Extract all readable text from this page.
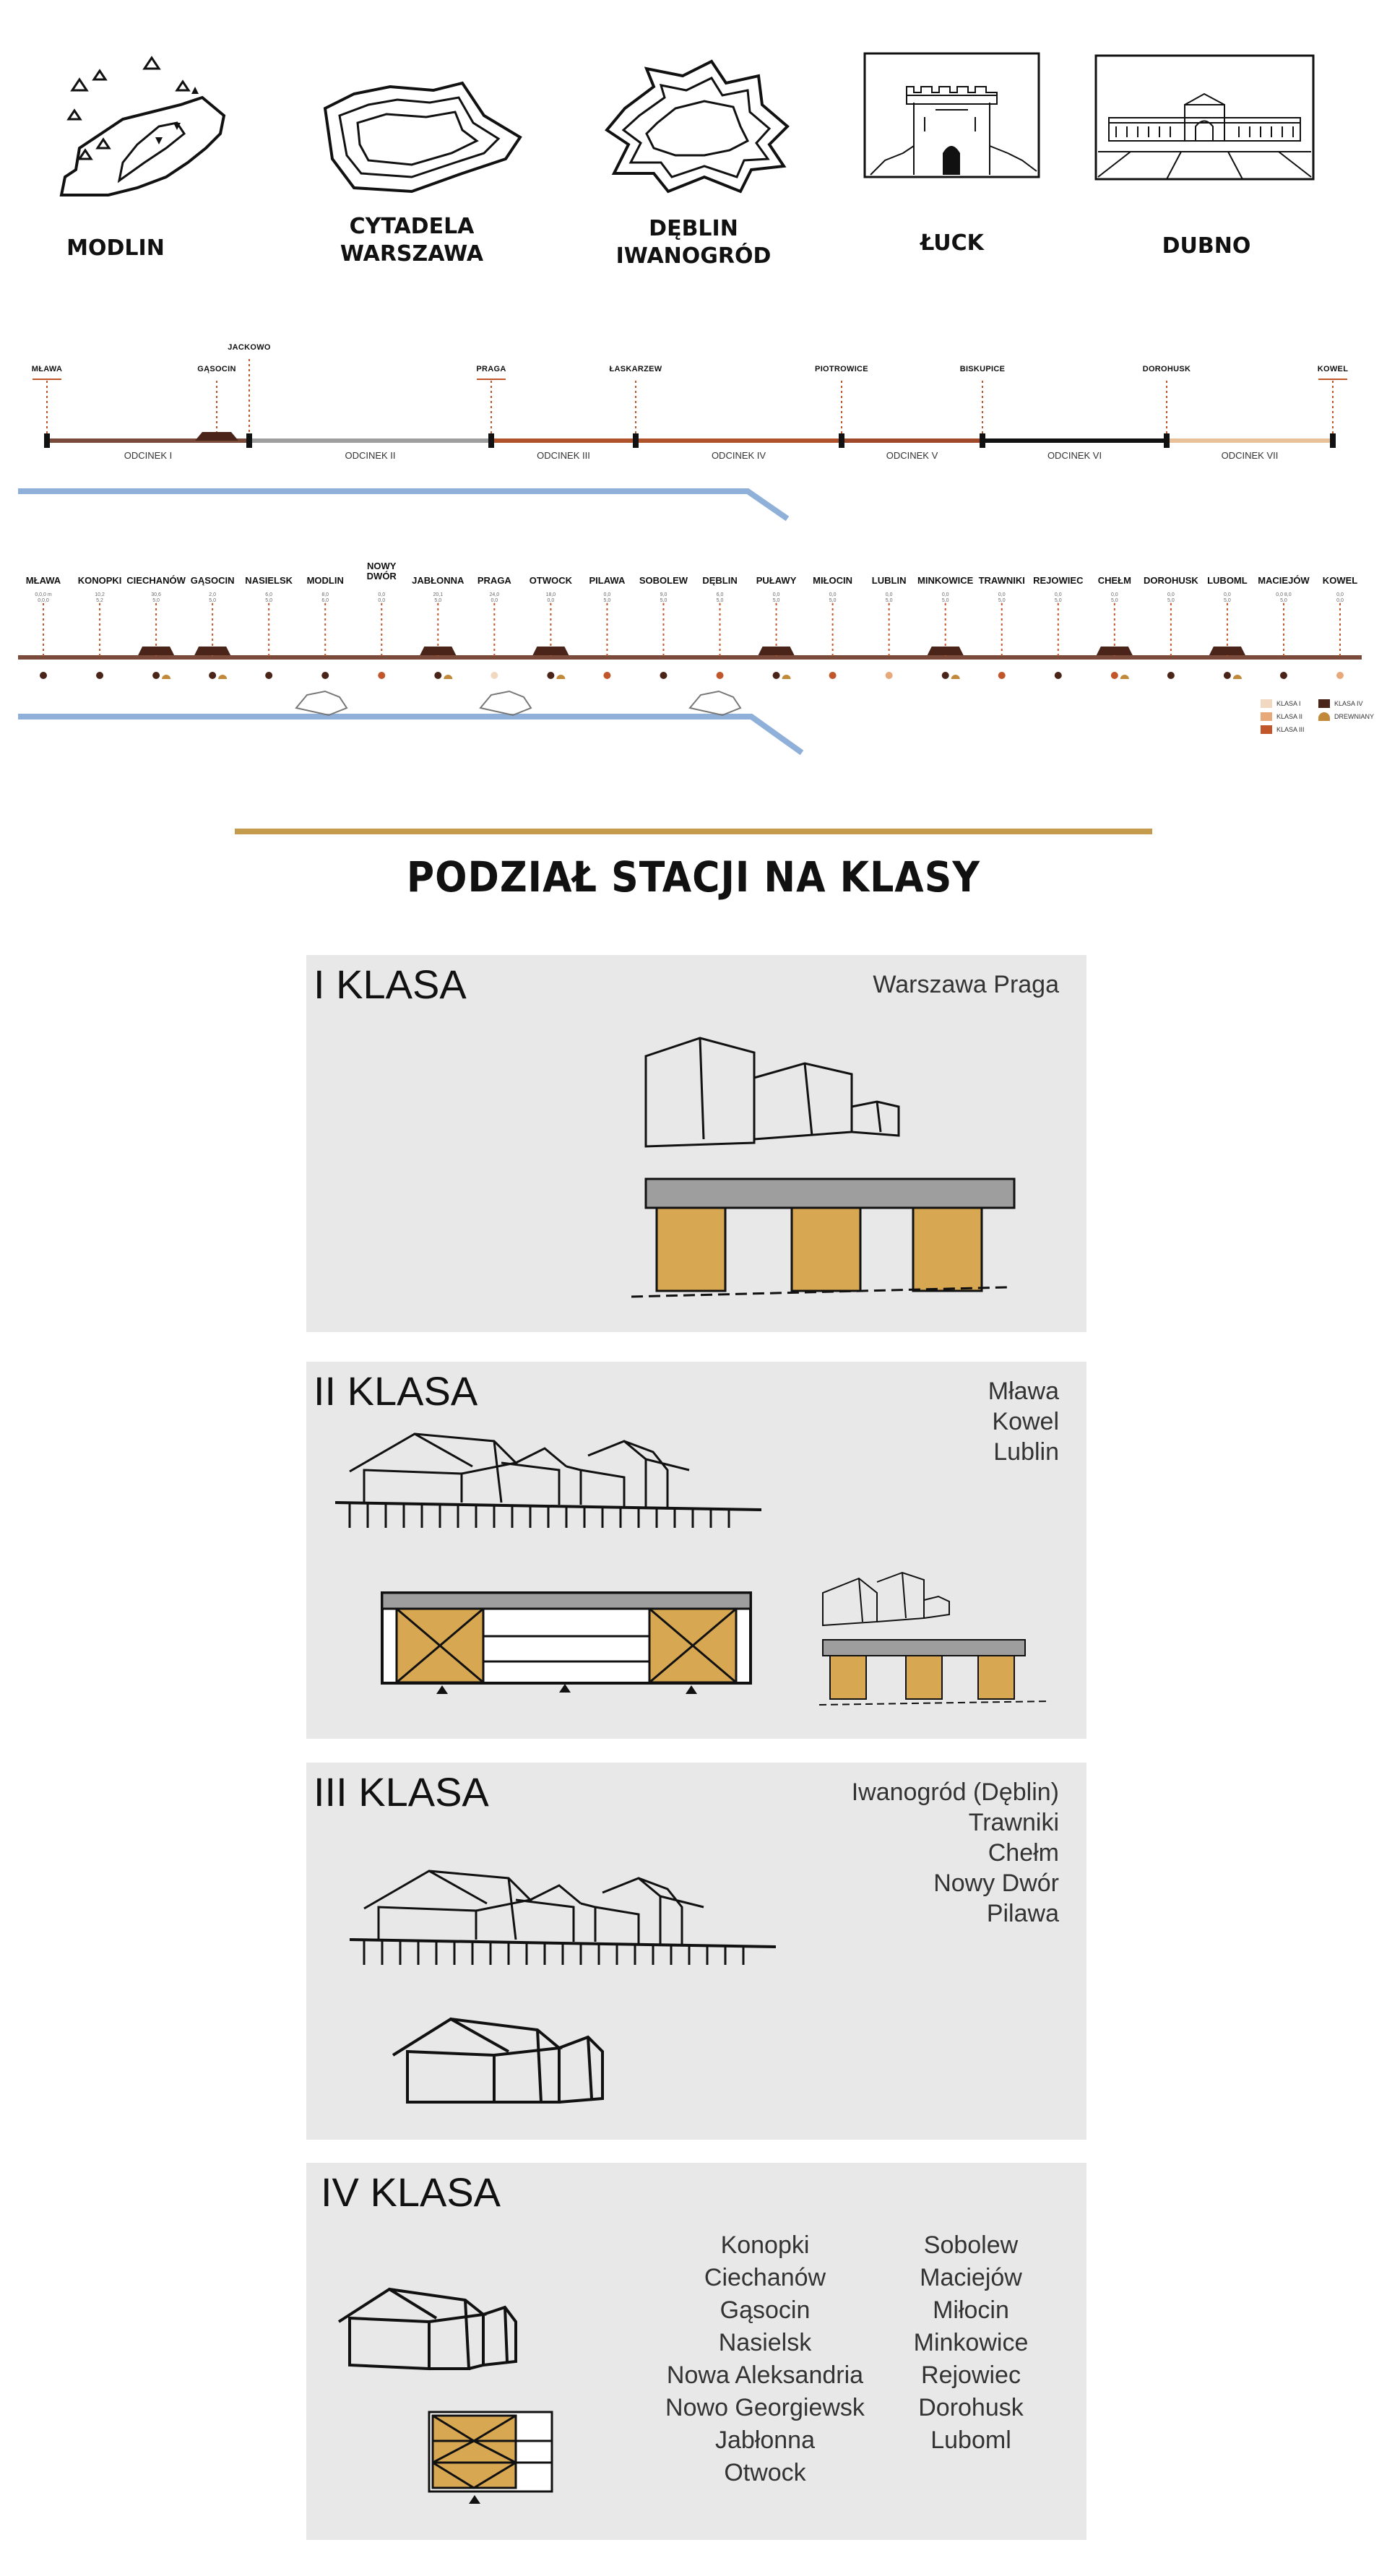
MODLIN
CYTADELA
WARSZAWA
DĘBLIN
IWANOGRÓD
ŁUCK	DUBNO
MŁAWA	GĄSOCIN
JACKOWO
PRAGA	ŁASKARZEW	PIOTROWICE	BISKUPICE	DOROHUSK	KOWEL
ODCINEK I	ODCINEK II	ODCINEK III	ODCINEK IV	ODCINEK V	ODCINEK VI	ODCINEK VII
MŁAWA
0,0,0 m
0,0,0
KONOPKI
10,2
5,2
CIECHANÓW
30,6
5,0
GĄSOCIN
2,0
5,0
NASIELSK
6,0
5,0
MODLIN
8,0
6,0
NOWY
DWÓR
0,0
0,0
JABŁONNA
20,1
5,0
PRAGA
24,0
0,0
OTWOCK
18,0
0,0
PILAWA
0,0
5,0
SOBOLEW
9,0
5,0
DĘBLIN
6,0
5,0
PUŁAWY
0,0
5,0
MIŁOCIN
0,0
5,0
LUBLIN
0,0
5,0
MINKOWICE
0,0
5,0
TRAWNIKI
0,0
5,0
REJOWIEC
0,0
5,0
CHEŁM
0,0
5,0
DOROHUSK
0,0
5,0
LUBOML
0,0
5,0
MACIEJÓW
0,0 8,0
5,0
KOWEL
0,0
0,0
KLASA I
KLASA II
KLASA III
KLASA IV
DREWNIANY
PODZIAŁ STACJI NA KLASY
I KLASA	Warszawa Praga
II KLASA	Mława
Kowel
Lublin
III KLASA	Iwanogród (Dęblin)
Trawniki
Chełm
Nowy Dwór
Pilawa
IV KLASA
Konopki
Ciechanów
Gąsocin
Nasielsk
Nowa Aleksandria
Nowo Georgiewsk
Jabłonna
Otwock
Sobolew
Maciejów
Miłocin
Minkowice
Rejowiec
Dorohusk
Luboml
